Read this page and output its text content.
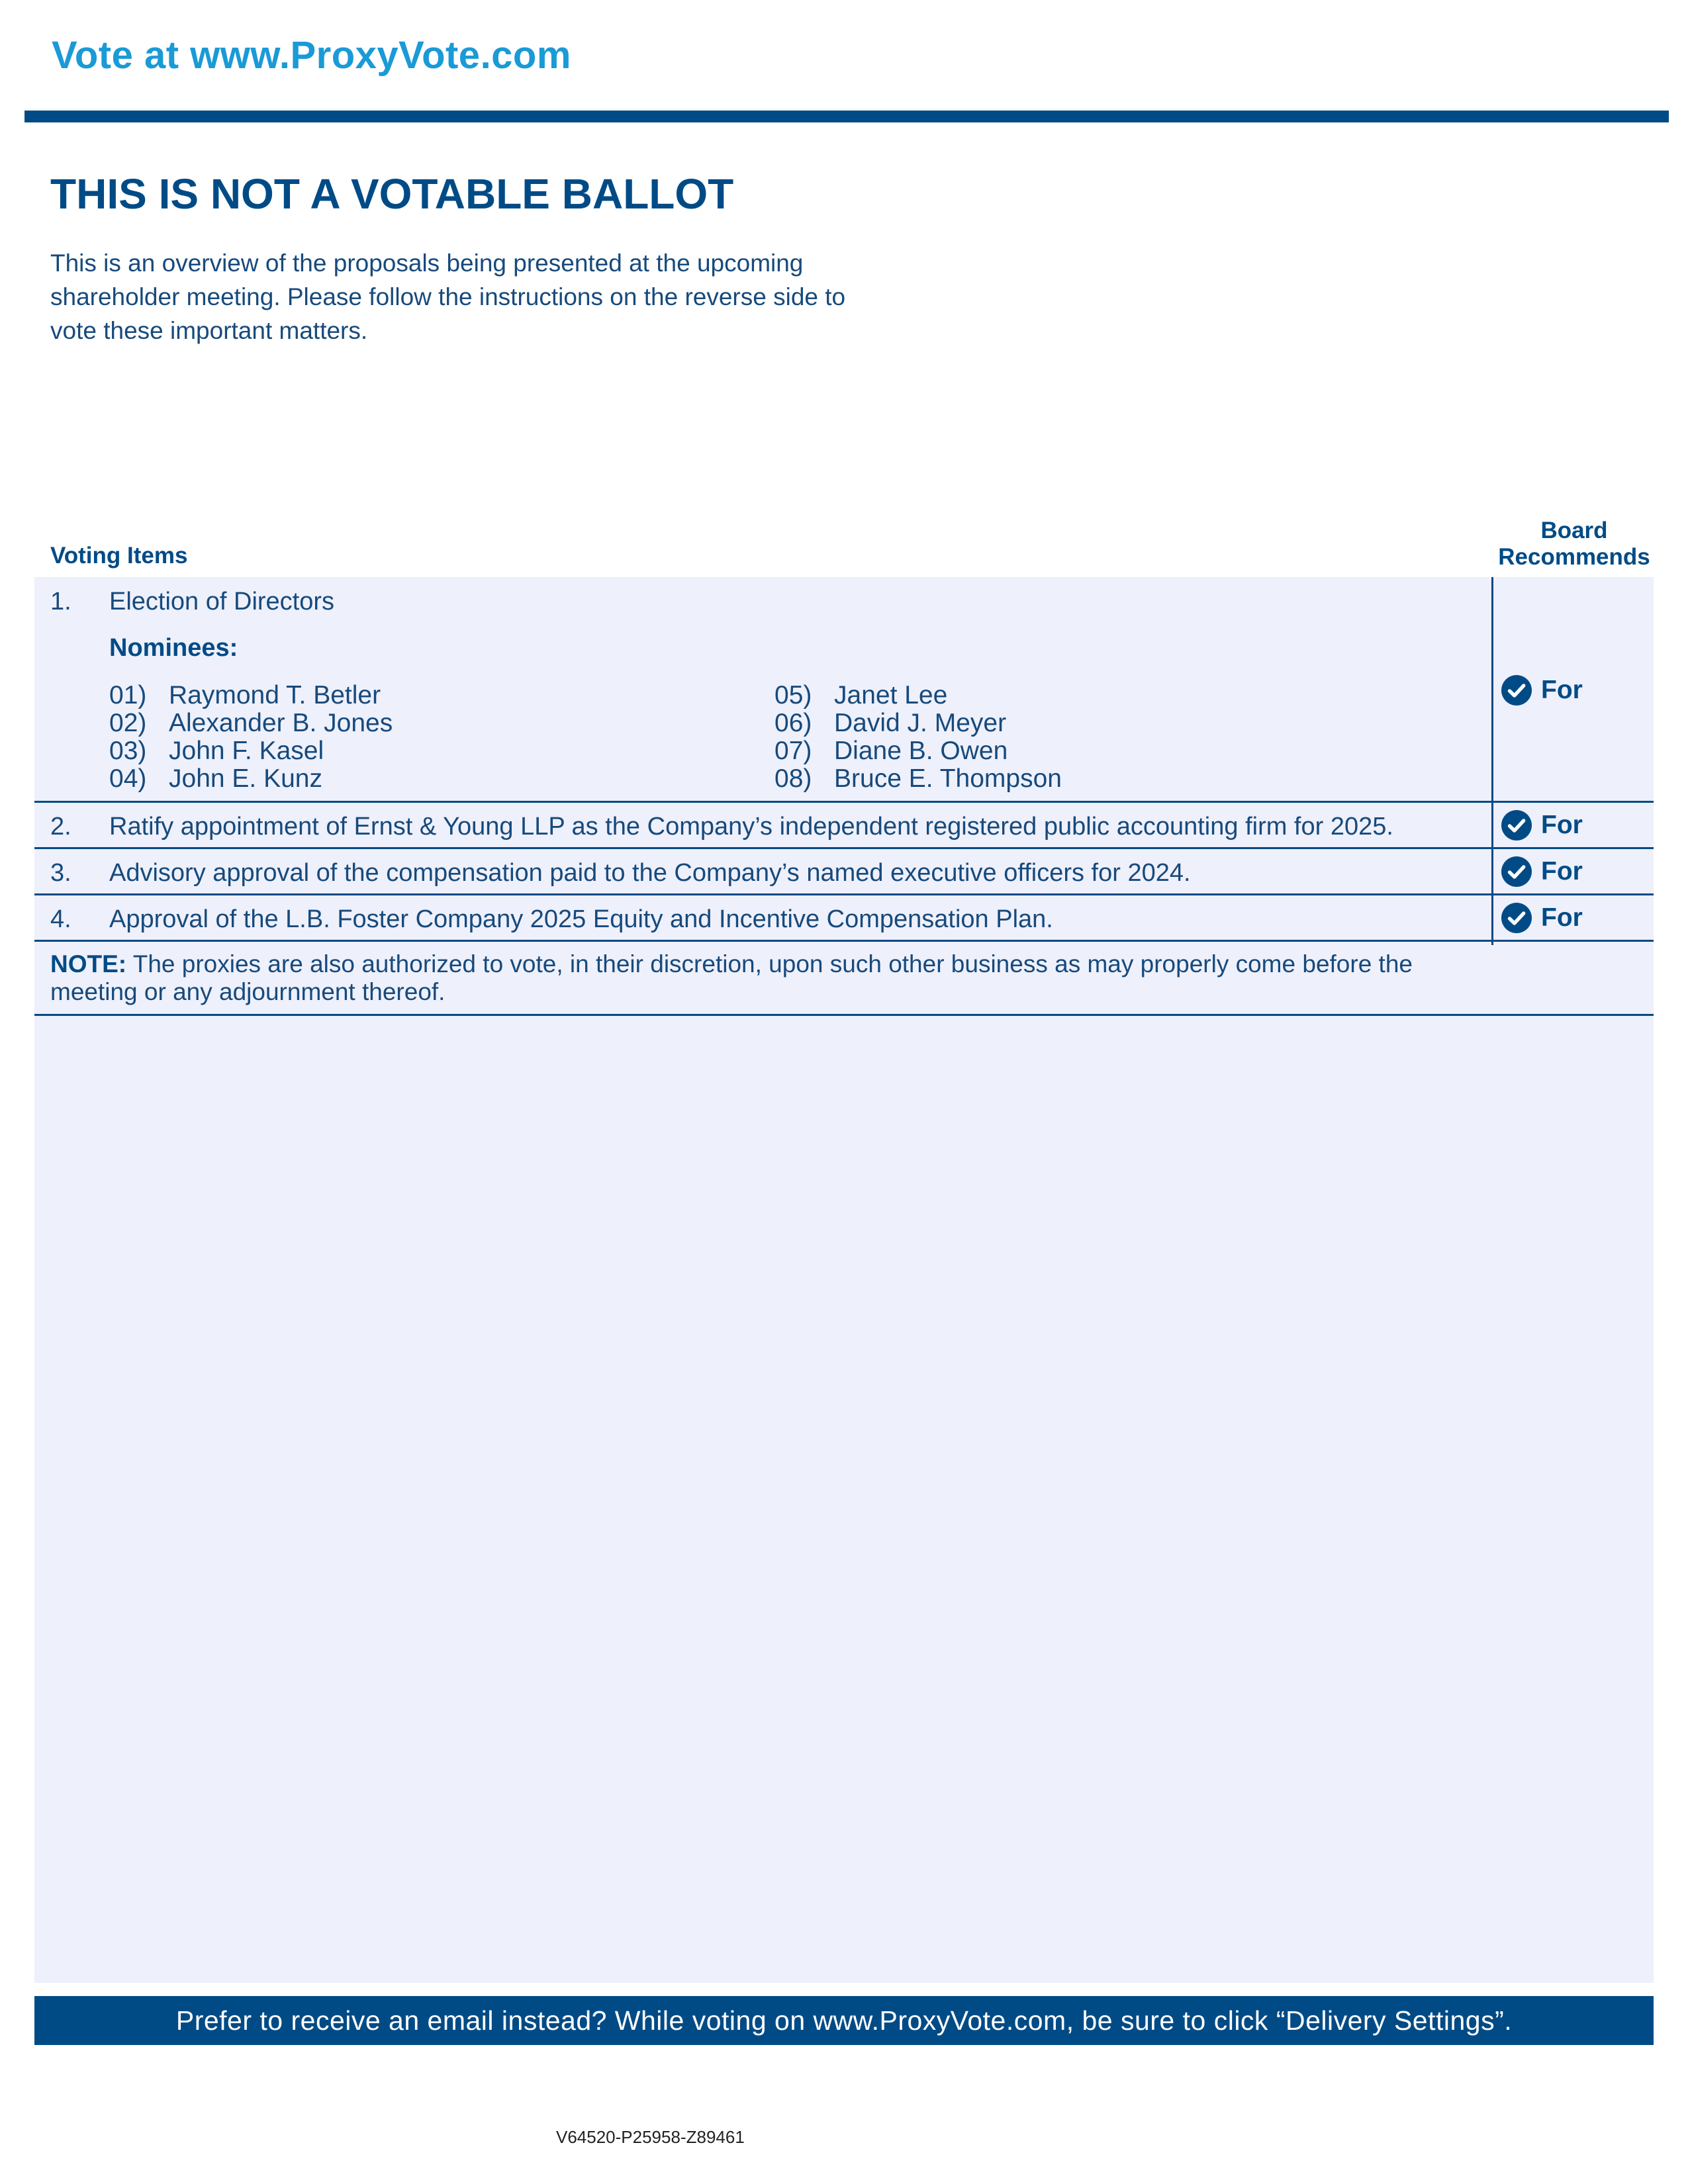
Vote at www.ProxyVote.com
THIS IS NOT A VOTABLE BALLOT
This is an overview of the proposals being presented at the upcoming shareholder meeting. Please follow the instructions on the reverse side to vote these important matters.
Voting Items
Board
Recommends
1. Election of Directors
Nominees:
01) Raymond T. Betler
02) Alexander B. Jones
03) John F. Kasel
04) John E. Kunz
05) Janet Lee
06) David J. Meyer
07) Diane B. Owen
08) Bruce E. Thompson
For
2. Ratify appointment of Ernst & Young LLP as the Company’s independent registered public accounting firm for 2025.	For
3. Advisory approval of the compensation paid to the Company’s named executive officers for 2024.	For
4. Approval of the L.B. Foster Company 2025 Equity and Incentive Compensation Plan.	For
NOTE: The proxies are also authorized to vote, in their discretion, upon such other business as may properly come before the meeting or any adjournment thereof.
Prefer to receive an email instead? While voting on www.ProxyVote.com, be sure to click “Delivery Settings”.
V64520-P25958-Z89461
